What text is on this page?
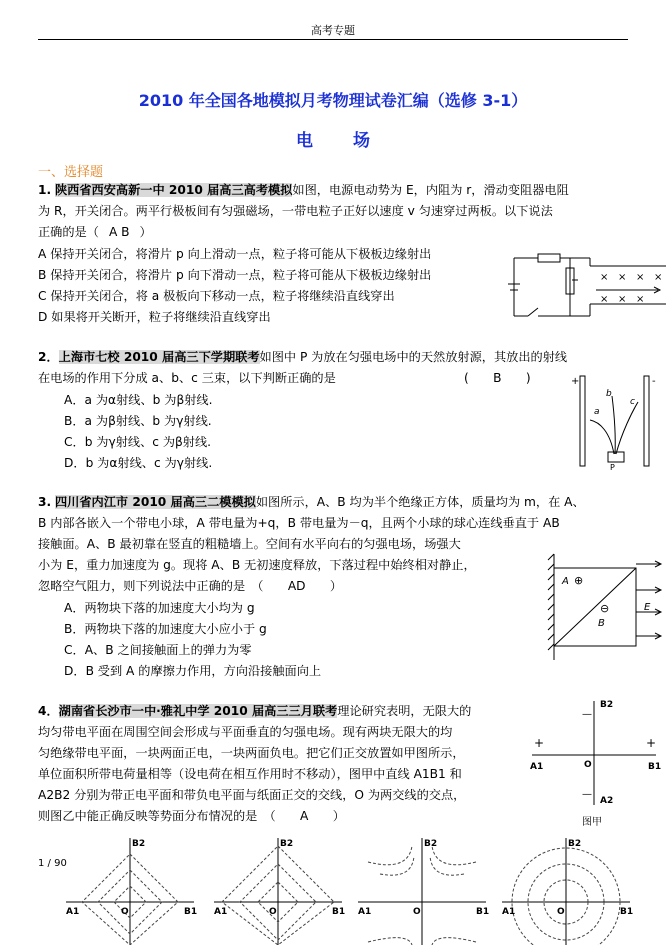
高考专题
2010 年全国各地模拟月考物理试卷汇编（选修 3-1）
电场
一、选择题
1. 陕西省西安高新一中 2010 届高三高考模拟如图，电源电动势为 E，内阻为 r，滑动变阻器电阻
为 R，开关闭合。两平行极板间有匀强磁场，一带电粒子正好以速度 v 匀速穿过两板。以下说法
正确的是（ A B ）
A 保持开关闭合，将滑片 p 向上滑动一点，粒子将可能从下极板边缘射出
B 保持开关闭合，将滑片 p 向下滑动一点，粒子将可能从下极板边缘射出
C 保持开关闭合，将 a 极板向下移动一点，粒子将继续沿直线穿出
D 如果将开关断开，粒子将继续沿直线穿出
× × × ×
× × ×
2．上海市七校 2010 届高三下学期联考如图中 P 为放在匀强电场中的天然放射源，其放出的射线
在电场的作用下分成 a、b、c 三束，以下判断正确的是	(　　B　　)
A．a 为α射线、b 为β射线.
B．a 为β射线、b 为γ射线.
C．b 为γ射线、c 为β射线.
D．b 为α射线、c 为γ射线.
+	-
a
b
c
P
3. 四川省内江市 2010 届高三二模模拟如图所示，A、B 均为半个绝缘正方体，质量均为 m，在 A、
B 内部各嵌入一个带电小球，A 带电量为+q，B 带电量为－q，且两个小球的球心连线垂直于 AB
接触面。A、B 最初靠在竖直的粗糙墙上。空间有水平向右的匀强电场，场强大
小为 E，重力加速度为 g。现将 A、B 无初速度释放，下落过程中始终相对静止，
忽略空气阻力，则下列说法中正确的是　（　　AD　　）
A．两物块下落的加速度大小均为 g
B．两物块下落的加速度大小应小于 g
C．A、B 之间接触面上的弹力为零
D．B 受到 A 的摩擦力作用，方向沿接触面向上
A ⊕
⊖
B
E
4．湖南省长沙市一中·雅礼中学 2010 届高三三月联考理论研究表明，无限大的
均匀带电平面在周围空间会形成与平面垂直的匀强电场。现有两块无限大的均
匀绝缘带电平面，一块两面正电，一块两面负电。把它们正交放置如甲图所示，
单位面积所带电荷量相等（设电荷在相互作用时不移动），图甲中直线 A1B1 和
A2B2 分别为带正电平面和带负电平面与纸面正交的交线，O 为两交线的交点，
则图乙中能正确反映等势面分布情况的是　（　　A　　）
B2
A2
A1	B1
O
+	+
—
—
图甲
B2
A1	B1
O
B2
A1	B1
O
B2
A1	B1
O
B2
A1	B1
O
1 / 90
